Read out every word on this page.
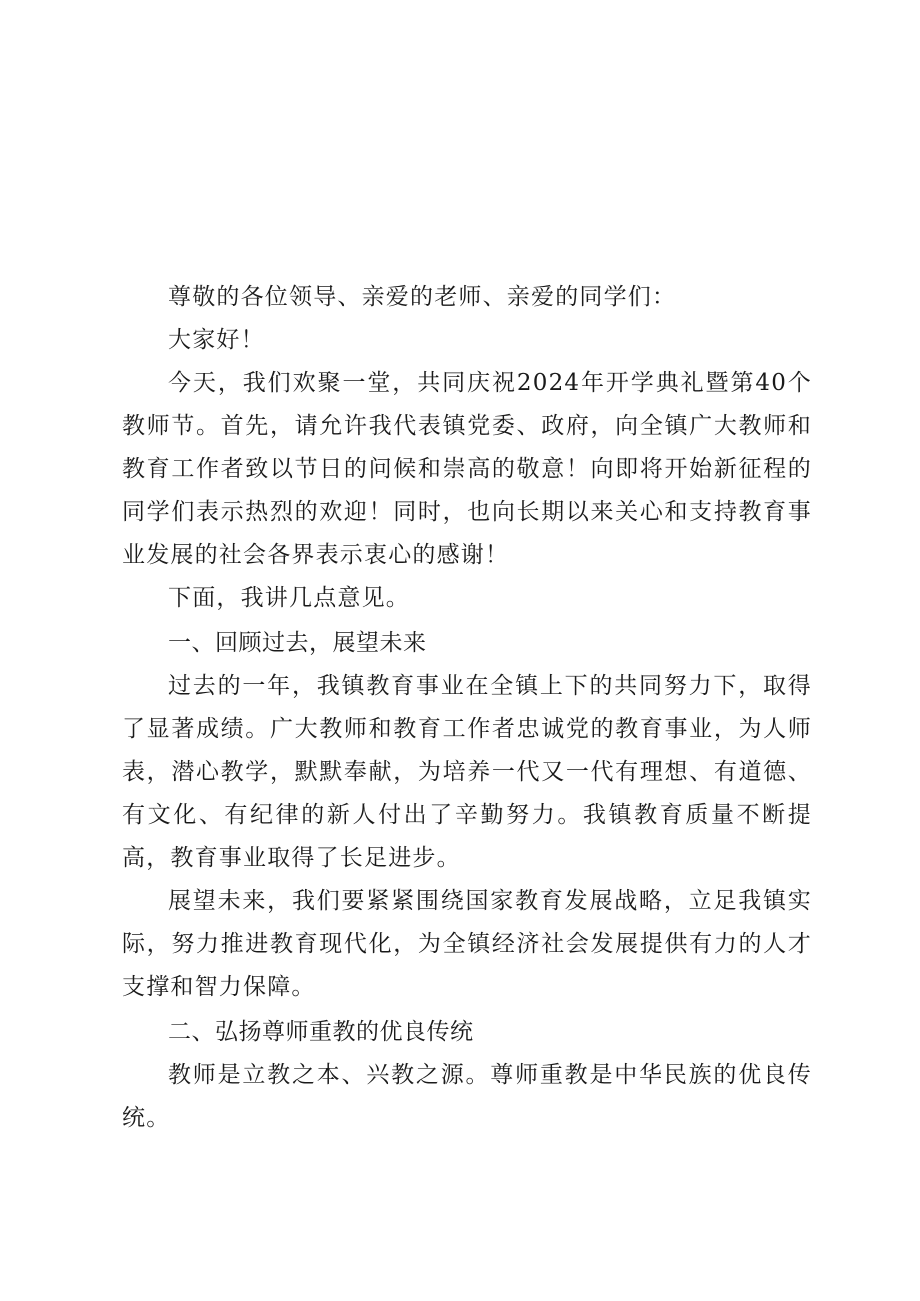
尊敬的各位领导、亲爱的老师、亲爱的同学们：

大家好！

今天，我们欢聚一堂，共同庆祝2024年开学典礼暨第40个教师节。首先，请允许我代表镇党委、政府，向全镇广大教师和教育工作者致以节日的问候和崇高的敬意！向即将开始新征程的同学们表示热烈的欢迎！同时，也向长期以来关心和支持教育事业发展的社会各界表示衷心的感谢！

下面，我讲几点意见。

一、回顾过去，展望未来

过去的一年，我镇教育事业在全镇上下的共同努力下，取得了显著成绩。广大教师和教育工作者忠诚党的教育事业，为人师表，潜心教学，默默奉献，为培养一代又一代有理想、有道德、有文化、有纪律的新人付出了辛勤努力。我镇教育质量不断提高，教育事业取得了长足进步。

展望未来，我们要紧紧围绕国家教育发展战略，立足我镇实际，努力推进教育现代化，为全镇经济社会发展提供有力的人才支撑和智力保障。

二、弘扬尊师重教的优良传统

教师是立教之本、兴教之源。尊师重教是中华民族的优良传统。
